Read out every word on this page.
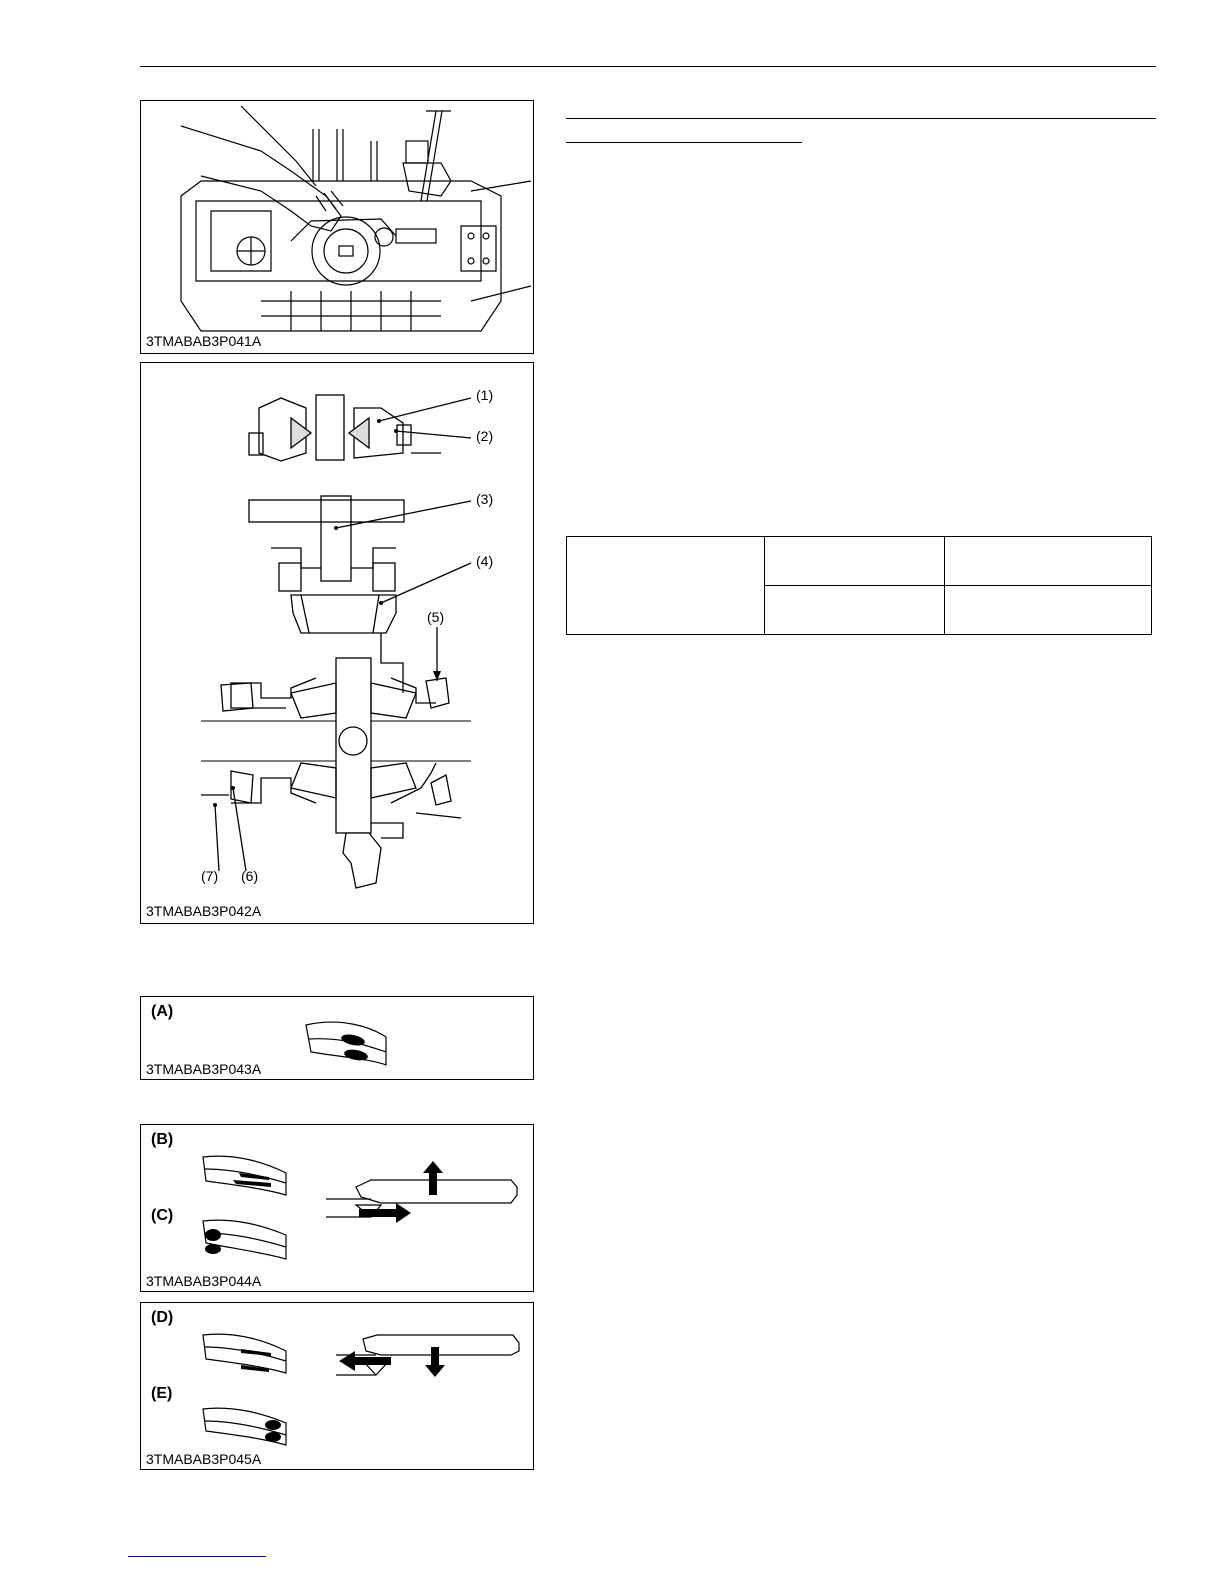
3TMABAB3P041A
(1)
(2)
(3)
(4)
(5)
(6)
(7)
3TMABAB3P042A
(A)
3TMABAB3P043A
(B)
(C)
3TMABAB3P044A
(D)
(E)
3TMABAB3P045A
